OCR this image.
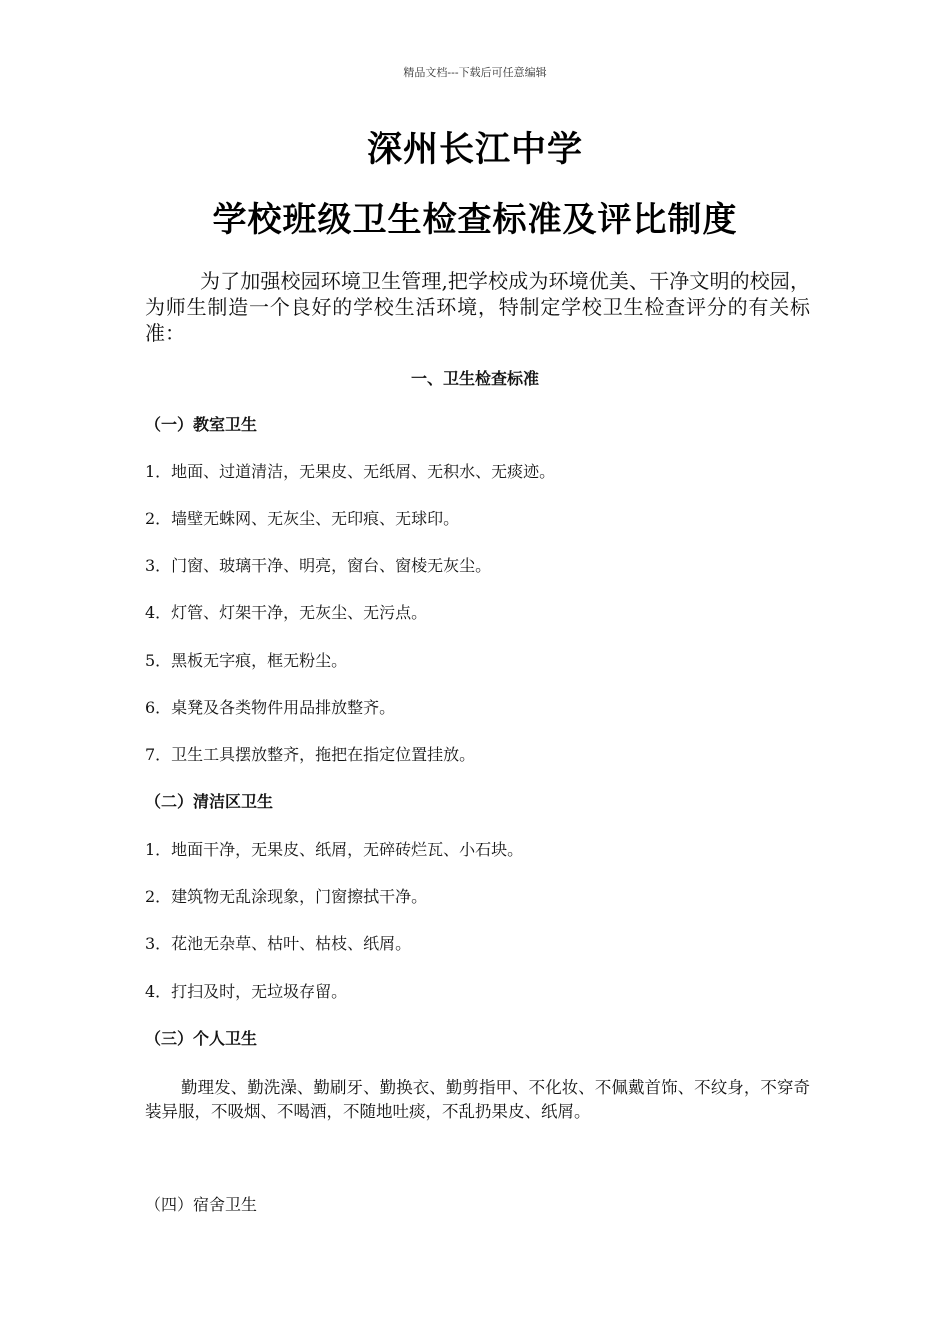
精品文档---下载后可任意编辑
深州长江中学
学校班级卫生检查标准及评比制度
为了加强校园环境卫生管理,把学校成为环境优美、干净文明的校园，为师生制造一个良好的学校生活环境，特制定学校卫生检查评分的有关标准：
一、卫生检查标准
（一）教室卫生
1．地面、过道清洁，无果皮、无纸屑、无积水、无痰迹。
2．墙壁无蛛网、无灰尘、无印痕、无球印。
3．门窗、玻璃干净、明亮，窗台、窗棱无灰尘。
4．灯管、灯架干净，无灰尘、无污点。
5．黑板无字痕，框无粉尘。
6．桌凳及各类物件用品排放整齐。
7．卫生工具摆放整齐，拖把在指定位置挂放。
（二）清洁区卫生
1．地面干净，无果皮、纸屑，无碎砖烂瓦、小石块。
2．建筑物无乱涂现象，门窗擦拭干净。
3．花池无杂草、枯叶、枯枝、纸屑。
4．打扫及时，无垃圾存留。
（三）个人卫生
勤理发、勤洗澡、勤刷牙、勤换衣、勤剪指甲、不化妆、不佩戴首饰、不纹身，不穿奇装异服，不吸烟、不喝酒，不随地吐痰，不乱扔果皮、纸屑。
（四）宿舍卫生
